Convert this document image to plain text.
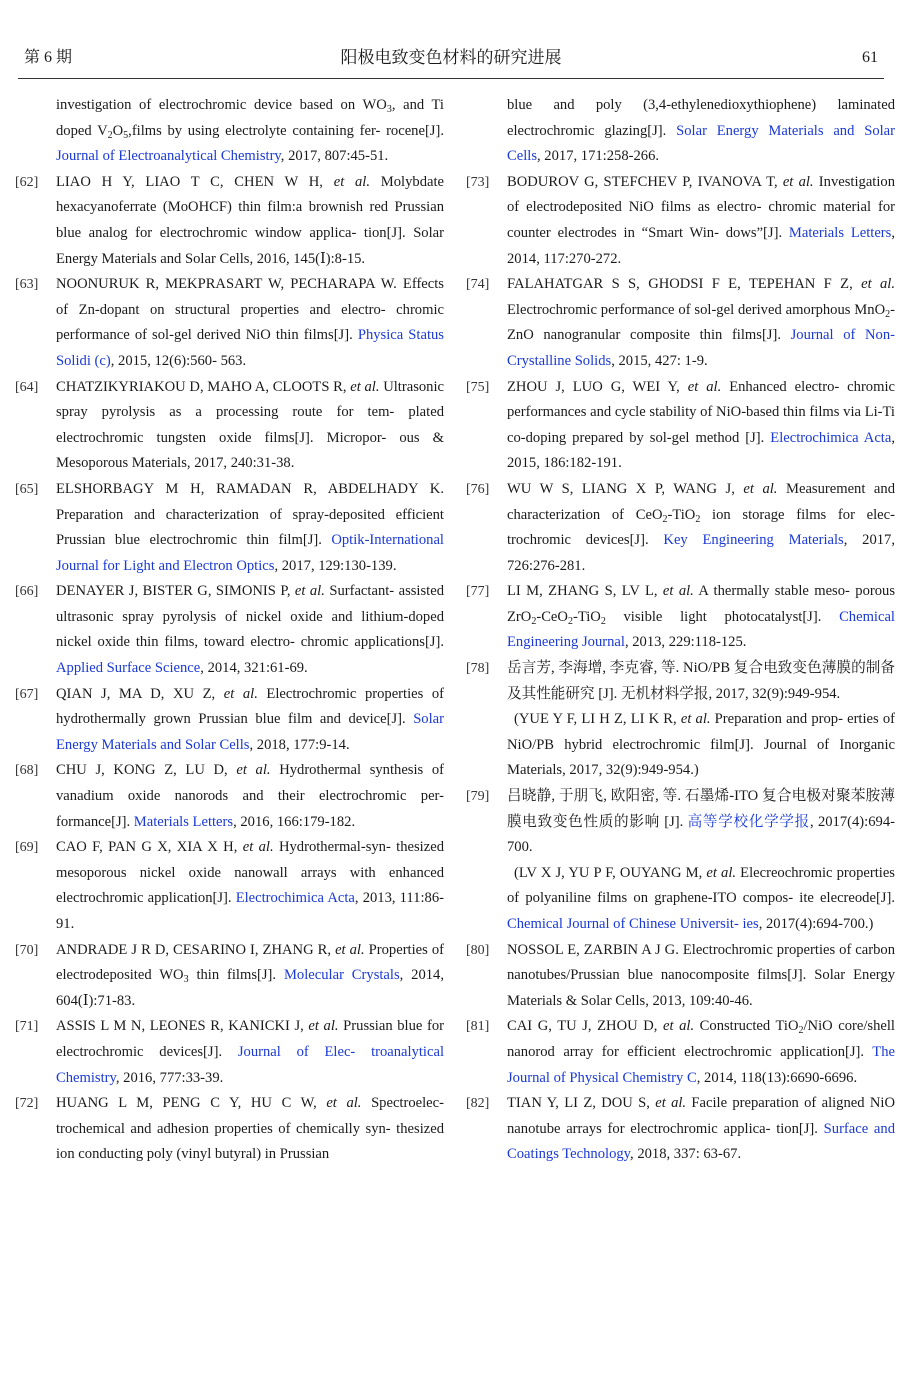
第 6 期	阳极电致变色材料的研究进展	61

investigation of electrochromic device based on $WO_3$, and Ti doped $V_2O_5,films$ by using electrolyte containing fer- rocene[J]. Journal of Electroanalytical Chemistry, 2017, 807:45-51.

[62] LIAO H Y, LIAO T C, CHEN W H, et al. Molybdate hexacyanoferrate (MoOHCF) thin film:a brownish red Prussian blue analog for electrochromic window applica- tion[J]. Solar Energy Materials and Solar Cells, 2016, 145(Ⅰ):8-15.

[63] NOONURUK R, MEKPRASART W, PECHARAPA W. Effects of Zn-dopant on structural properties and electro- chromic performance of sol-gel derived NiO thin films[J]. Physica Status Solidi (c), 2015, 12(6):560- 563.

[64] CHATZIKYRIAKOU D, MAHO A, CLOOTS R, et al. Ultrasonic spray pyrolysis as a processing route for tem- plated electrochromic tungsten oxide films[J]. Micropor- ous & Mesoporous Materials, 2017, 240:31-38.

[65] ELSHORBAGY M H, RAMADAN R, ABDELHADY K. Preparation and characterization of spray-deposited efficient Prussian blue electrochromic thin film[J]. Optik-International Journal for Light and Electron Optics, 2017, 129:130-139.

[66] DENAYER J, BISTER G, SIMONIS P, et al. Surfactant- assisted ultrasonic spray pyrolysis of nickel oxide and lithium-doped nickel oxide thin films, toward electro- chromic applications[J]. Applied Surface Science, 2014, 321:61-69.

[67] QIAN J, MA D, XU Z, et al. Electrochromic properties of hydrothermally grown Prussian blue film and device[J]. Solar Energy Materials and Solar Cells, 2018, 177:9-14.

[68] CHU J, KONG Z, LU D, et al. Hydrothermal synthesis of vanadium oxide nanorods and their electrochromic per- formance[J]. Materials Letters, 2016, 166:179-182.

[69] CAO F, PAN G X, XIA X H, et al. Hydrothermal-syn- thesized mesoporous nickel oxide nanowall arrays with enhanced electrochromic application[J]. Electrochimica Acta, 2013, 111:86-91.

[70] ANDRADE J R D, CESARINO I, ZHANG R, et al. Properties of electrodeposited $WO_3$ thin films[J]. Molecular Crystals, 2014, 604(Ⅰ):71-83.

[71] ASSIS L M N, LEONES R, KANICKI J, et al. Prussian blue for electrochromic devices[J]. Journal of Elec- troanalytical Chemistry, 2016, 777:33-39.

[72] HUANG L M, PENG C Y, HU C W, et al. Spectroelec- trochemical and adhesion properties of chemically syn- thesized ion conducting poly (vinyl butyral) in Prussian

blue and poly (3,4-ethylenedioxythiophene) laminated electrochromic glazing[J]. Solar Energy Materials and Solar Cells, 2017, 171:258-266.

[73] BODUROV G, STEFCHEV P, IVANOVA T, et al. Investigation of electrodeposited NiO films as electro- chromic material for counter electrodes in “Smart Win- dows”[J]. Materials Letters, 2014, 117:270-272.

[74] FALAHATGAR S S, GHODSI F E, TEPEHAN F Z, et al. Electrochromic performance of sol-gel derived amorphous MnO$_2$-ZnO nanogranular composite thin films[J]. Journal of Non-Crystalline Solids, 2015, 427: 1-9.

[75] ZHOU J, LUO G, WEI Y, et al. Enhanced electro- chromic performances and cycle stability of NiO-based thin films via Li-Ti co-doping prepared by sol-gel method [J]. Electrochimica Acta, 2015, 186:182-191.

[76] WU W S, LIANG X P, WANG J, et al. Measurement and characterization of CeO$_2$-TiO$_2$ ion storage films for elec- trochromic devices[J]. Key Engineering Materials, 2017, 726:276-281.

[77] LI M, ZHANG S, LV L, et al. A thermally stable meso- porous ZrO$_2$-CeO$_2$-TiO$_2$ visible light photocatalyst[J]. Chemical Engineering Journal, 2013, 229:118-125.

[78] 岳言芳, 李海增, 李克睿, 等. NiO/PB 复合电致变色薄膜的制备及其性能研究 [J]. 无机材料学报, 2017, 32(9):949-954.
(YUE Y F, LI H Z, LI K R, et al. Preparation and prop- erties of NiO/PB hybrid electrochromic film[J]. Journal of Inorganic Materials, 2017, 32(9):949-954.)

[79] 吕晓静, 于朋飞, 欧阳密, 等. 石墨烯-ITO 复合电极对聚苯胺薄膜电致变色性质的影响 [J]. 高等学校化学学报, 2017(4):694-700.
(LV X J, YU P F, OUYANG M, et al. Elecreochromic properties of polyaniline films on graphene-ITO compos- ite elecreode[J]. Chemical Journal of Chinese Universit- ies, 2017(4):694-700.)

[80] NOSSOL E, ZARBIN A J G. Electrochromic properties of carbon nanotubes/Prussian blue nanocomposite films[J]. Solar Energy Materials & Solar Cells, 2013, 109:40-46.

[81] CAI G, TU J, ZHOU D, et al. Constructed TiO$_2$/NiO core/shell nanorod array for efficient electrochromic application[J]. The Journal of Physical Chemistry C, 2014, 118(13):6690-6696.

[82] TIAN Y, LI Z, DOU S, et al. Facile preparation of aligned NiO nanotube arrays for electrochromic applica- tion[J]. Surface and Coatings Technology, 2018, 337: 63-67.
